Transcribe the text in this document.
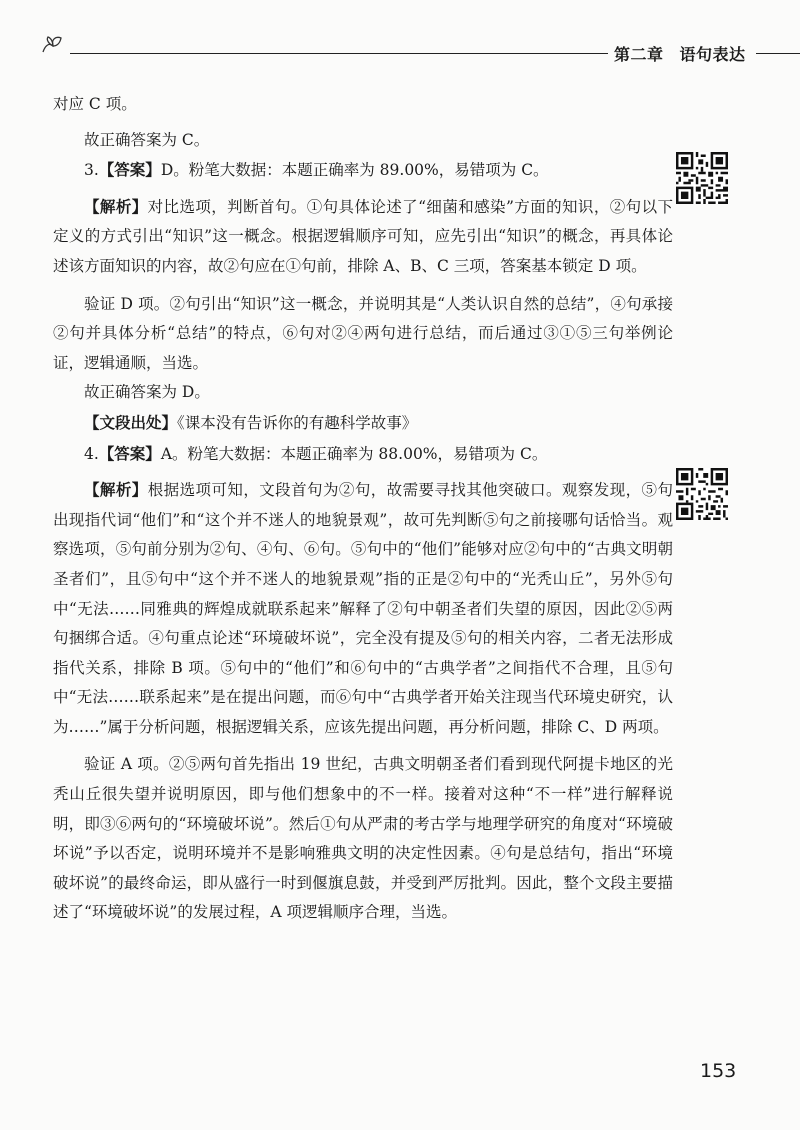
第二章 语句表达

对应 C 项。

故正确答案为 C。

3.【答案】D。粉笔大数据：本题正确率为 89.00%，易错项为 C。

【解析】对比选项，判断首句。①句具体论述了“细菌和感染”方面的知识，②句以下定义的方式引出“知识”这一概念。根据逻辑顺序可知，应先引出“知识”的概念，再具体论述该方面知识的内容，故②句应在①句前，排除 A、B、C 三项，答案基本锁定 D 项。

验证 D 项。②句引出“知识”这一概念，并说明其是“人类认识自然的总结”，④句承接②句并具体分析“总结”的特点，⑥句对②④两句进行总结，而后通过③①⑤三句举例论证，逻辑通顺，当选。

故正确答案为 D。

【文段出处】《课本没有告诉你的有趣科学故事》

4.【答案】A。粉笔大数据：本题正确率为 88.00%，易错项为 C。

【解析】根据选项可知，文段首句为②句，故需要寻找其他突破口。观察发现，⑤句出现指代词“他们”和“这个并不迷人的地貌景观”，故可先判断⑤句之前接哪句话恰当。观察选项，⑤句前分别为②句、④句、⑥句。⑤句中的“他们”能够对应②句中的“古典文明朝圣者们”，且⑤句中“这个并不迷人的地貌景观”指的正是②句中的“光秃山丘”，另外⑤句中“无法……同雅典的辉煌成就联系起来”解释了②句中朝圣者们失望的原因，因此②⑤两句捆绑合适。④句重点论述“环境破坏说”，完全没有提及⑤句的相关内容，二者无法形成指代关系，排除 B 项。⑤句中的“他们”和⑥句中的“古典学者”之间指代不合理，且⑤句中“无法……联系起来”是在提出问题，而⑥句中“古典学者开始关注现当代环境史研究，认为……”属于分析问题，根据逻辑关系，应该先提出问题，再分析问题，排除 C、D 两项。

验证 A 项。②⑤两句首先指出 19 世纪，古典文明朝圣者们看到现代阿提卡地区的光秃山丘很失望并说明原因，即与他们想象中的不一样。接着对这种“不一样”进行解释说明，即③⑥两句的“环境破坏说”。然后①句从严肃的考古学与地理学研究的角度对“环境破坏说”予以否定，说明环境并不是影响雅典文明的决定性因素。④句是总结句，指出“环境破坏说”的最终命运，即从盛行一时到偃旗息鼓，并受到严厉批判。因此，整个文段主要描述了“环境破坏说”的发展过程，A 项逻辑顺序合理，当选。

153
